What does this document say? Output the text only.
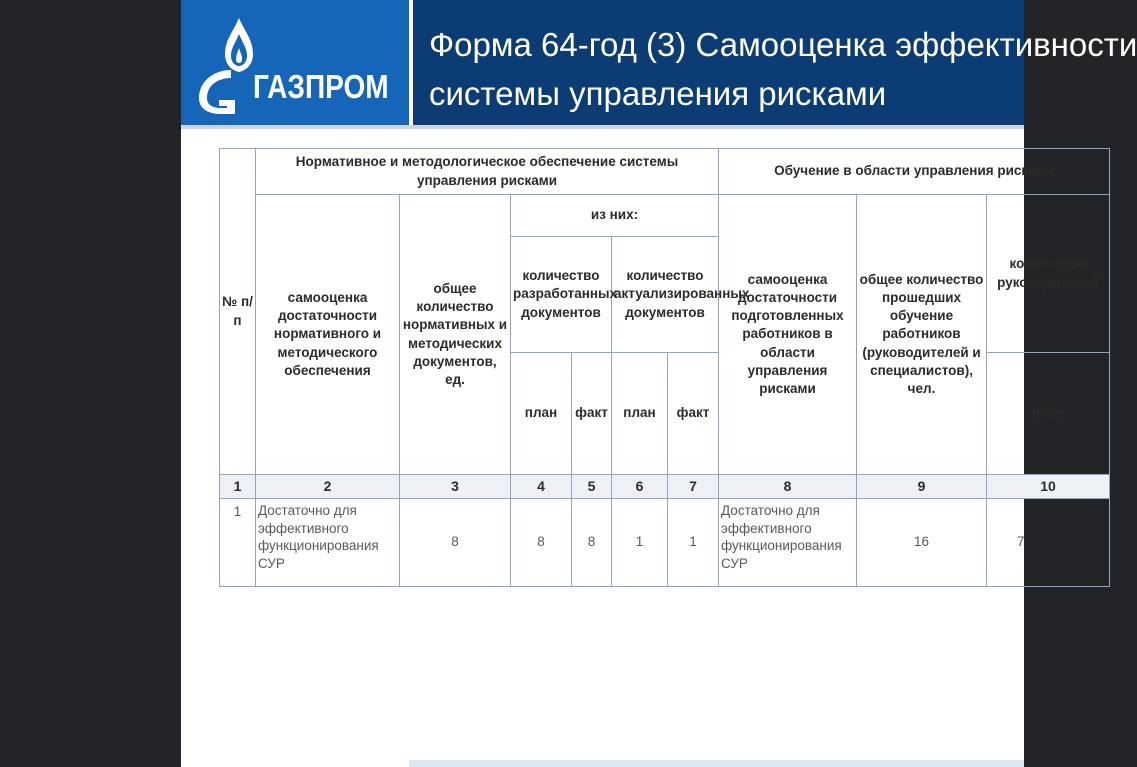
ГАЗПРОМ
Форма 64-год (3) Самооценка эффективности
системы управления рисками
№ п/п	Нормативное и методологическое обеспечение системы управления рисками						Обучение в области управления рисками		
	самооценка достаточности нормативного и методического обеспечения	общее количество нормативных и методических документов, ед.	из них:				самооценка достаточности подготовленных работников в области управления рисками	общее количество прошедших обучение работников (руководителей и специалистов), чел.	количество руководителей
			количество разработанных документов		количество актуализированных документов				
			план	факт	план	факт			план
1	2	3	4	5	6	7	8	9	10
1	Достаточно для эффективного функционирования СУР	8	8	8	1	1	Достаточно для эффективного функционирования СУР	16	7
